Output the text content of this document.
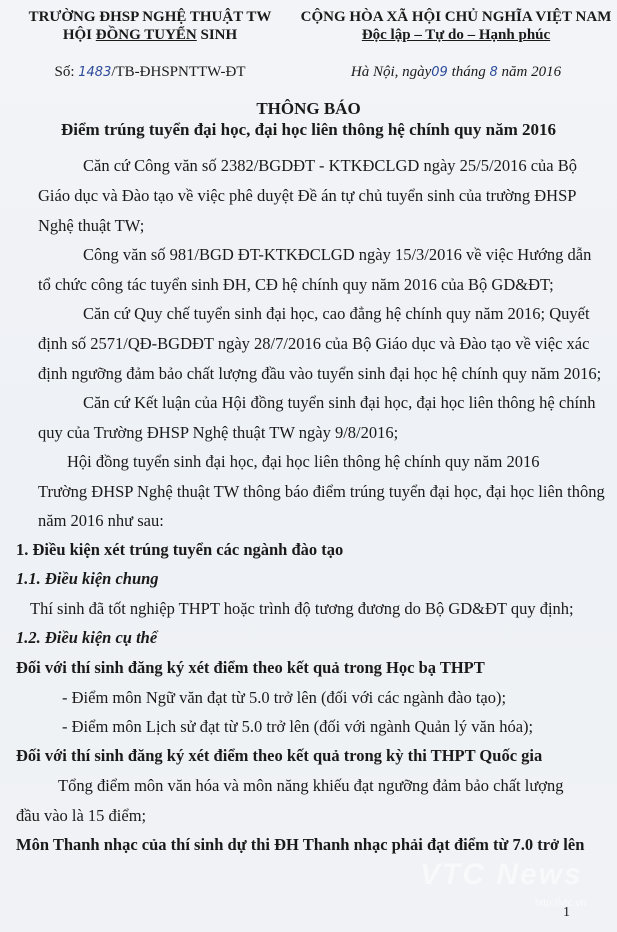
TRƯỜNG ĐHSP NGHỆ THUẬT TW
HỘI ĐỒNG TUYỂN SINH
Số: 1483/TB-ĐHSPNTTW-ĐT
CỘNG HÒA XÃ HỘI CHỦ NGHĨA VIỆT NAM
Độc lập – Tự do – Hạnh phúc
Hà Nội, ngày09 tháng 8 năm 2016
THÔNG BÁO
Điểm trúng tuyển đại học, đại học liên thông hệ chính quy năm 2016
Căn cứ Công văn số 2382/BGDĐT - KTKĐCLGD ngày 25/5/2016 của Bộ
Giáo dục và Đào tạo về việc phê duyệt Đề án tự chủ tuyển sinh của trường ĐHSP
Nghệ thuật TW;
Công văn số 981/BGD ĐT-KTKĐCLGD ngày 15/3/2016 về việc Hướng dẫn
tổ chức công tác tuyển sinh ĐH, CĐ hệ chính quy năm 2016 của Bộ GD&ĐT;
Căn cứ Quy chế tuyển sinh đại học, cao đẳng hệ chính quy năm 2016; Quyết
định số 2571/QĐ-BGDĐT ngày 28/7/2016 của Bộ Giáo dục và Đào tạo về việc xác
định ngưỡng đảm bảo chất lượng đầu vào tuyển sinh đại học hệ chính quy năm 2016;
Căn cứ Kết luận của Hội đồng tuyển sinh đại học, đại học liên thông hệ chính
quy của Trường ĐHSP Nghệ thuật TW ngày 9/8/2016;
Hội đồng tuyển sinh đại học, đại học liên thông hệ chính quy năm 2016
Trường ĐHSP Nghệ thuật TW thông báo điểm trúng tuyển đại học, đại học liên thông
năm 2016 như sau:
1. Điều kiện xét trúng tuyển các ngành đào tạo
1.1. Điều kiện chung
Thí sinh đã tốt nghiệp THPT hoặc trình độ tương đương do Bộ GD&ĐT quy định;
1.2. Điều kiện cụ thể
Đối với thí sinh đăng ký xét điểm theo kết quả trong Học bạ THPT
- Điểm môn Ngữ văn đạt từ 5.0 trở lên (đối với các ngành đào tạo);
- Điểm môn Lịch sử đạt từ 5.0 trở lên (đối với ngành Quản lý văn hóa);
Đối với thí sinh đăng ký xét điểm theo kết quả trong kỳ thi THPT Quốc gia
Tổng điểm môn văn hóa và môn năng khiếu đạt ngưỡng đảm bảo chất lượng
đầu vào là 15 điểm;
Môn Thanh nhạc của thí sinh dự thi ĐH Thanh nhạc phải đạt điểm từ 7.0 trở lên
VTC News
http://vtc.vn
1
